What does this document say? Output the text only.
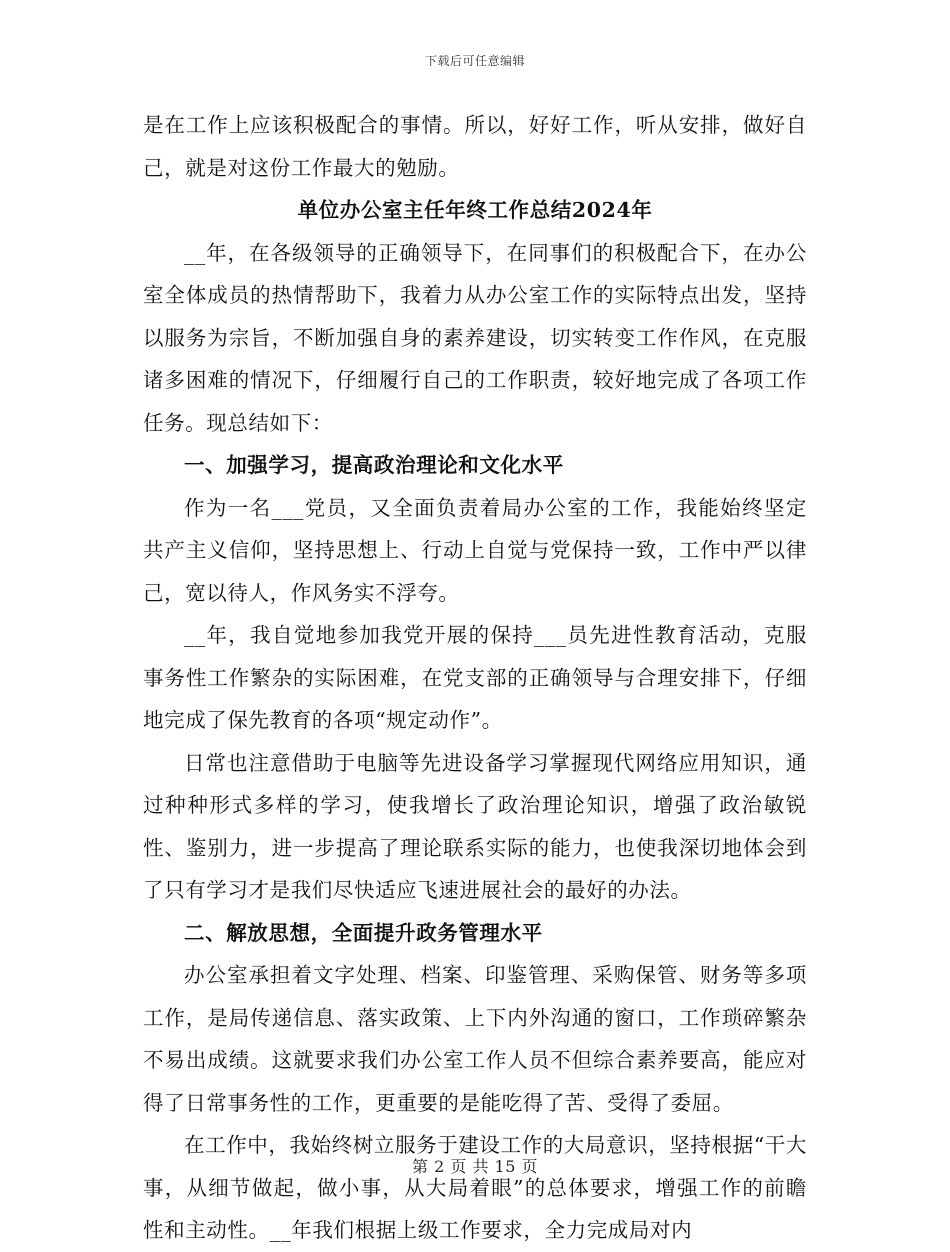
下载后可任意编辑

是在工作上应该积极配合的事情。所以，好好工作，听从安排，做好自己，就是对这份工作最大的勉励。

单位办公室主任年终工作总结2024年

__年，在各级领导的正确领导下，在同事们的积极配合下，在办公室全体成员的热情帮助下，我着力从办公室工作的实际特点出发，坚持以服务为宗旨，不断加强自身的素养建设，切实转变工作作风，在克服诸多困难的情况下，仔细履行自己的工作职责，较好地完成了各项工作任务。现总结如下：

一、加强学习，提高政治理论和文化水平

作为一名___党员，又全面负责着局办公室的工作，我能始终坚定共产主义信仰，坚持思想上、行动上自觉与党保持一致，工作中严以律己，宽以待人，作风务实不浮夸。

__年，我自觉地参加我党开展的保持___员先进性教育活动，克服事务性工作繁杂的实际困难，在党支部的正确领导与合理安排下，仔细地完成了保先教育的各项“规定动作”。

日常也注意借助于电脑等先进设备学习掌握现代网络应用知识，通过种种形式多样的学习，使我增长了政治理论知识，增强了政治敏锐性、鉴别力，进一步提高了理论联系实际的能力，也使我深切地体会到了只有学习才是我们尽快适应飞速进展社会的最好的办法。

二、解放思想，全面提升政务管理水平

办公室承担着文字处理、档案、印鉴管理、采购保管、财务等多项工作，是局传递信息、落实政策、上下内外沟通的窗口，工作琐碎繁杂不易出成绩。这就要求我们办公室工作人员不但综合素养要高，能应对得了日常事务性的工作，更重要的是能吃得了苦、受得了委屈。

在工作中，我始终树立服务于建设工作的大局意识，坚持根据“干大事，从细节做起，做小事，从大局着眼”的总体要求，增强工作的前瞻性和主动性。__年我们根据上级工作要求，全力完成局对内

第 2 页 共 15 页
